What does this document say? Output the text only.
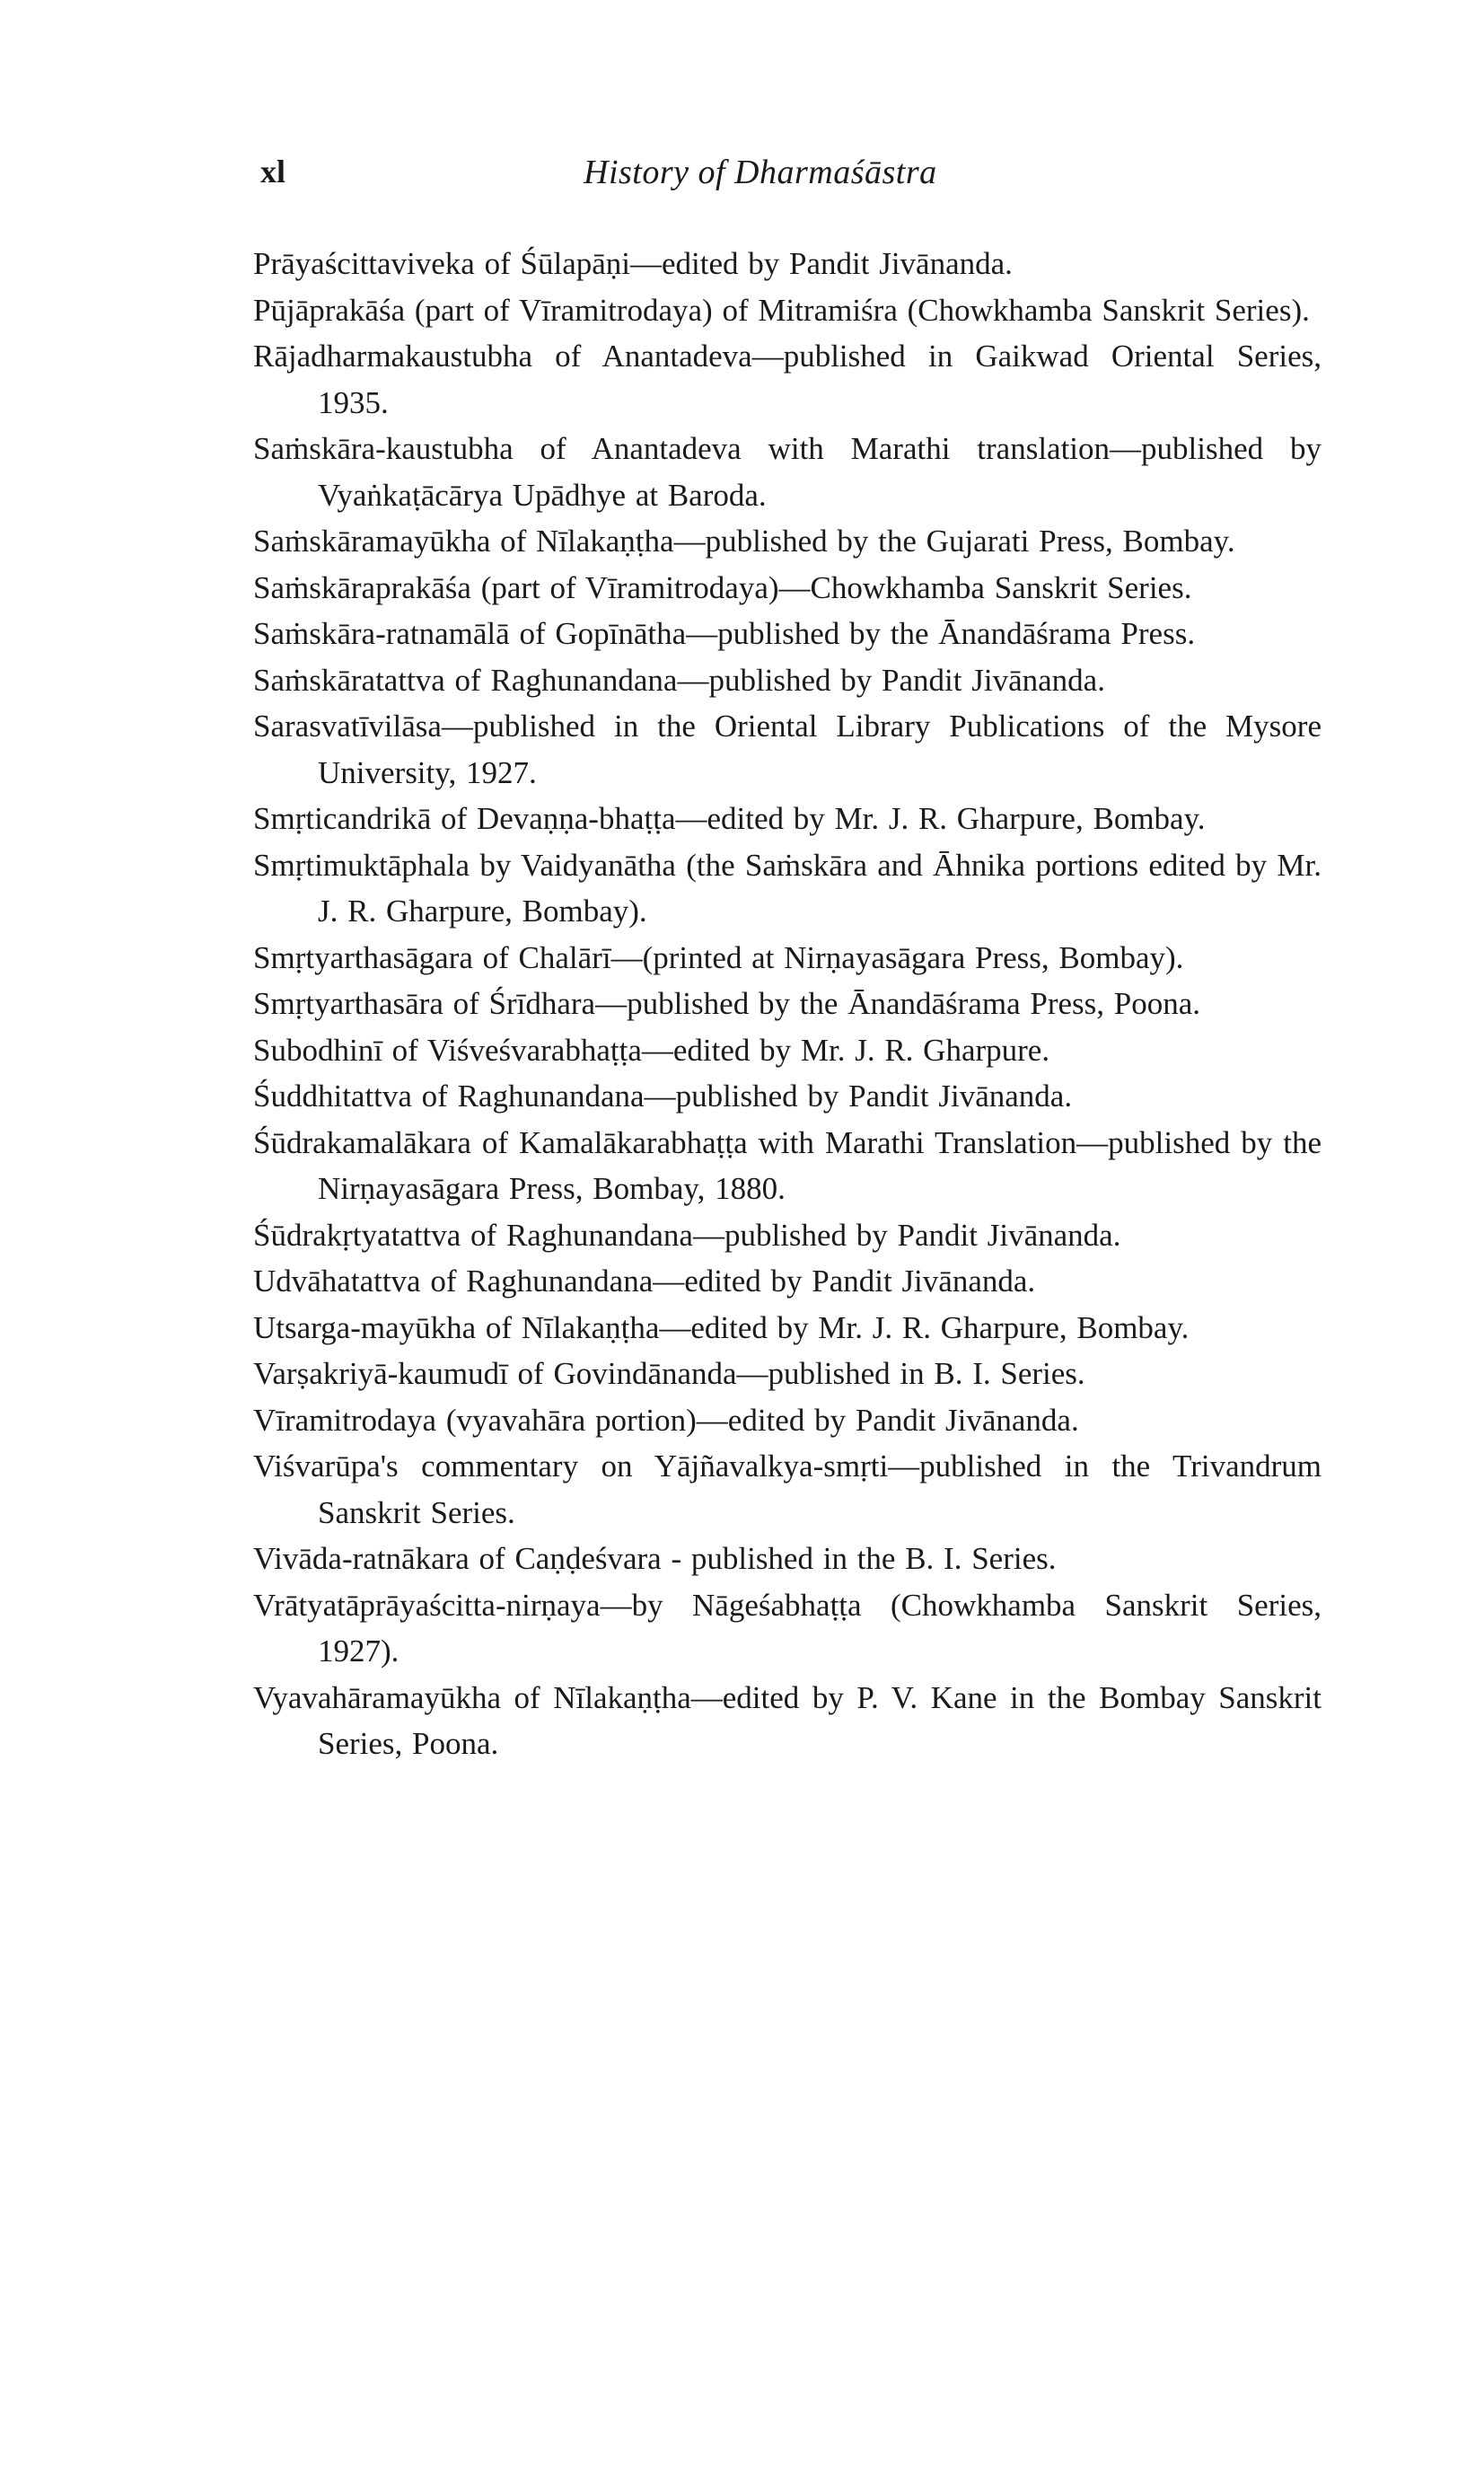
xl	History of Dharmaśāstra

Prāyaścittaviveka of Śūlapāṇi—edited by Pandit Jivānanda.

Pūjāprakāśa (part of Vīramitrodaya) of Mitramiśra (Chowkhamba Sanskrit Series).

Rājadharmakaustubha of Anantadeva—published in Gaikwad Oriental Series, 1935.

Saṁskāra-kaustubha of Anantadeva with Marathi translation—published by Vyaṅkaṭācārya Upādhye at Baroda.

Saṁskāramayūkha of Nīlakaṇṭha—published by the Gujarati Press, Bombay.

Saṁskāraprakāśa (part of Vīramitrodaya)—Chowkhamba Sanskrit Series.

Saṁskāra-ratnamālā of Gopīnātha—published by the Ānandāśrama Press.

Saṁskāratattva of Raghunandana—published by Pandit Jivānanda.

Sarasvatīvilāsa—published in the Oriental Library Publications of the Mysore University, 1927.

Smṛticandrikā of Devaṇṇa-bhaṭṭa—edited by Mr. J. R. Gharpure, Bombay.

Smṛtimuktāphala by Vaidyanātha (the Saṁskāra and Āhnika portions edited by Mr. J. R. Gharpure, Bombay).

Smṛtyarthasāgara of Chalārī—(printed at Nirṇayasāgara Press, Bombay).

Smṛtyarthasāra of Śrīdhara—published by the Ānandāśrama Press, Poona.

Subodhinī of Viśveśvarabhaṭṭa—edited by Mr. J. R. Gharpure.

Śuddhitattva of Raghunandana—published by Pandit Jivānanda.

Śūdrakamalākara of Kamalākarabhaṭṭa with Marathi Translation—published by the Nirṇayasāgara Press, Bombay, 1880.

Śūdrakṛtyatattva of Raghunandana—published by Pandit Jivānanda.

Udvāhatattva of Raghunandana—edited by Pandit Jivānanda.

Utsarga-mayūkha of Nīlakaṇṭha—edited by Mr. J. R. Gharpure, Bombay.

Varṣakriyā-kaumudī of Govindānanda—published in B. I. Series.

Vīramitrodaya (vyavahāra portion)—edited by Pandit Jivānanda.

Viśvarūpa's commentary on Yājñavalkya-smṛti—published in the Trivandrum Sanskrit Series.

Vivāda-ratnākara of Caṇḍeśvara - published in the B. I. Series.

Vrātyatāprāyaścitta-nirṇaya—by Nāgeśabhaṭṭa (Chowkhamba Sanskrit Series, 1927).

Vyavahāramayūkha of Nīlakaṇṭha—edited by P. V. Kane in the Bombay Sanskrit Series, Poona.
